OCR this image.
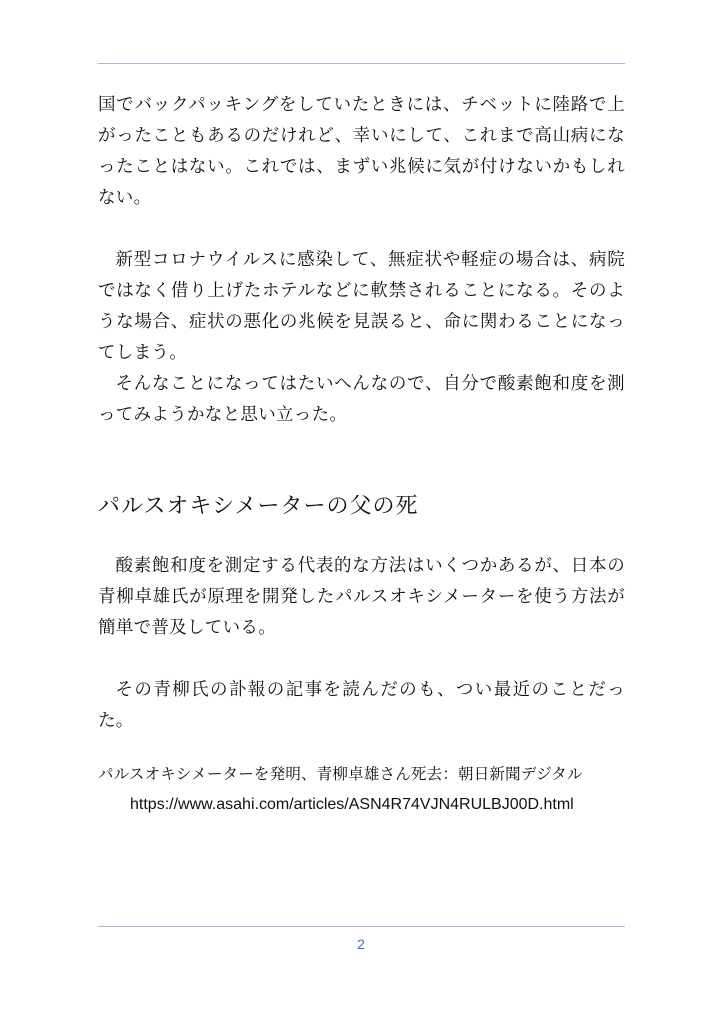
国でバックパッキングをしていたときには、チベットに陸路で上がったこともあるのだけれど、幸いにして、これまで高山病になったことはない。これでは、まずい兆候に気が付けないかもしれない。

新型コロナウイルスに感染して、無症状や軽症の場合は、病院ではなく借り上げたホテルなどに軟禁されることになる。そのような場合、症状の悪化の兆候を見誤ると、命に関わることになってしまう。

そんなことになってはたいへんなので、自分で酸素飽和度を測ってみようかなと思い立った。

パルスオキシメーターの父の死

酸素飽和度を測定する代表的な方法はいくつかあるが、日本の青柳卓雄氏が原理を開発したパルスオキシメーターを使う方法が簡単で普及している。

その青柳氏の訃報の記事を読んだのも、つい最近のことだった。

パルスオキシメーターを発明、青柳卓雄さん死去：朝日新聞デジタル

https://www.asahi.com/articles/ASN4R74VJN4RULBJ00D.html
2
